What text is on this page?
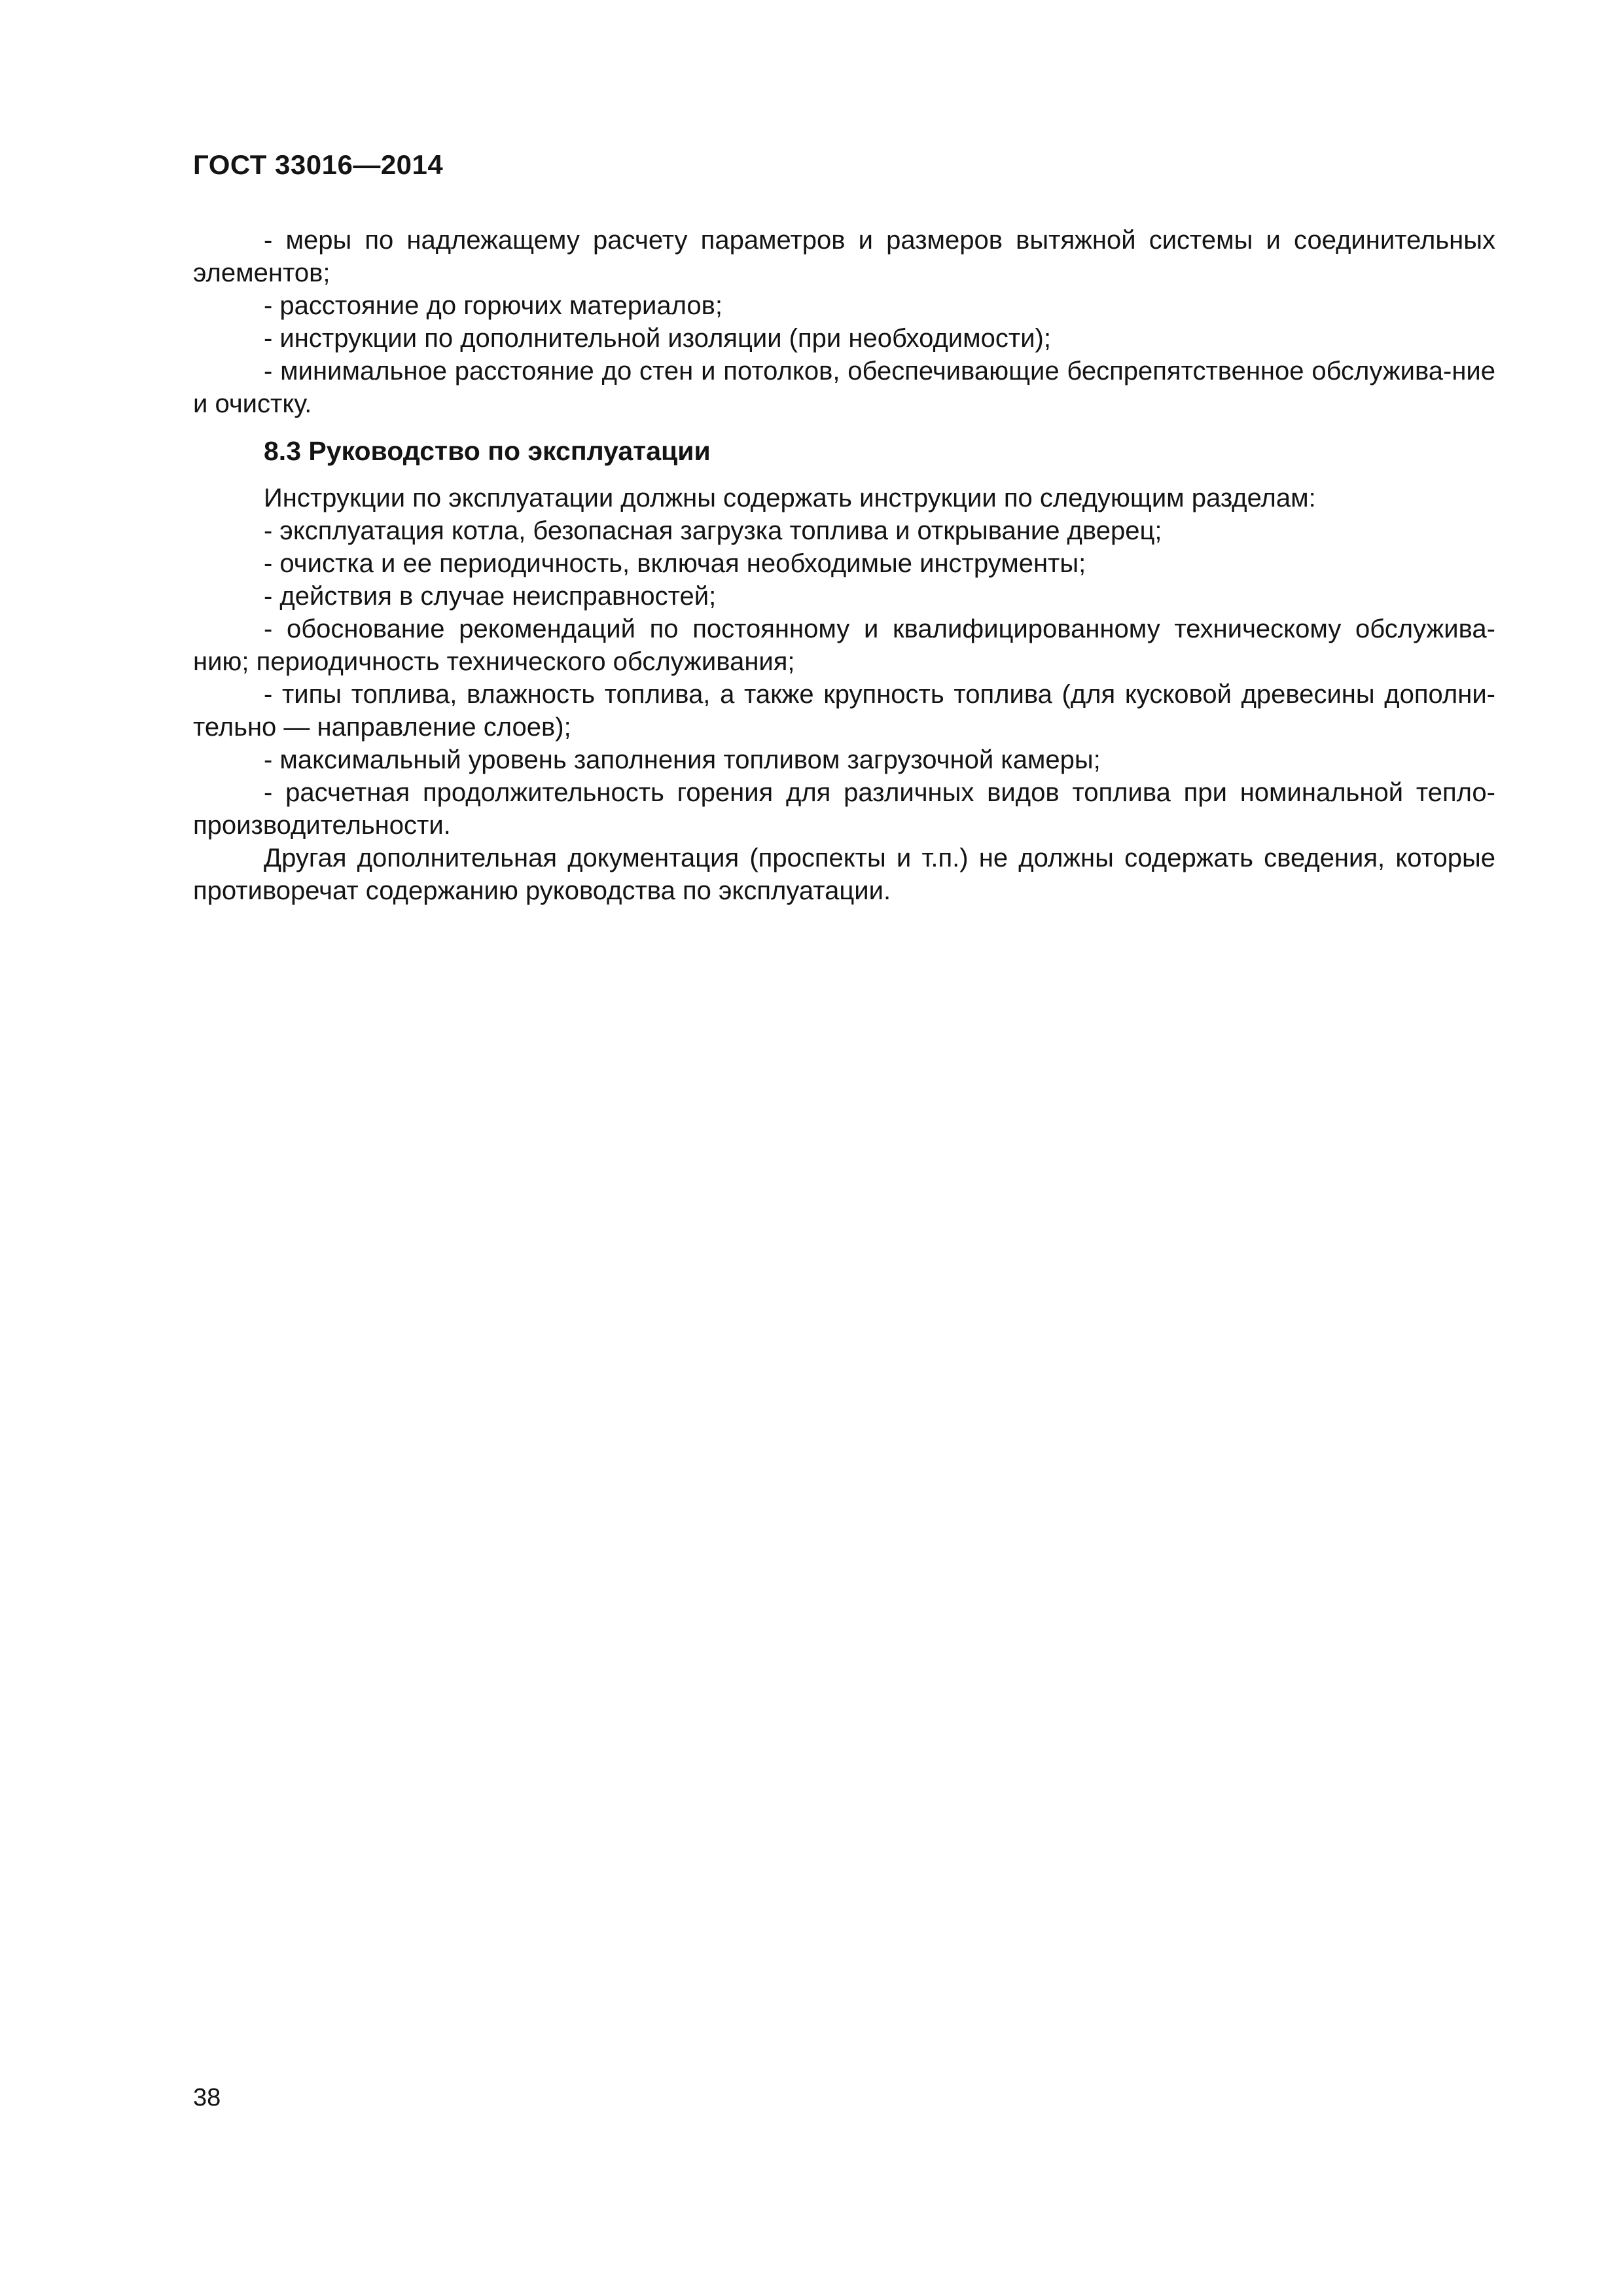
ГОСТ 33016—2014

- меры по надлежащему расчету параметров и размеров вытяжной системы и соединительных элементов;

- расстояние до горючих материалов;

- инструкции по дополнительной изоляции (при необходимости);

- минимальное расстояние до стен и потолков, обеспечивающие беспрепятственное обслужива-ние и очистку.

8.3 Руководство по эксплуатации

Инструкции по эксплуатации должны содержать инструкции по следующим разделам:

- эксплуатация котла, безопасная загрузка топлива и открывание дверец;

- очистка и ее периодичность, включая необходимые инструменты;

- действия в случае неисправностей;

- обоснование рекомендаций по постоянному и квалифицированному техническому обслужива-нию; периодичность технического обслуживания;

- типы топлива, влажность топлива, а также крупность топлива (для кусковой древесины дополни-тельно — направление слоев);

- максимальный уровень заполнения топливом загрузочной камеры;

- расчетная продолжительность горения для различных видов топлива при номинальной тепло-производительности.

Другая дополнительная документация (проспекты и т.п.) не должны содержать сведения, которые противоречат содержанию руководства по эксплуатации.

38
